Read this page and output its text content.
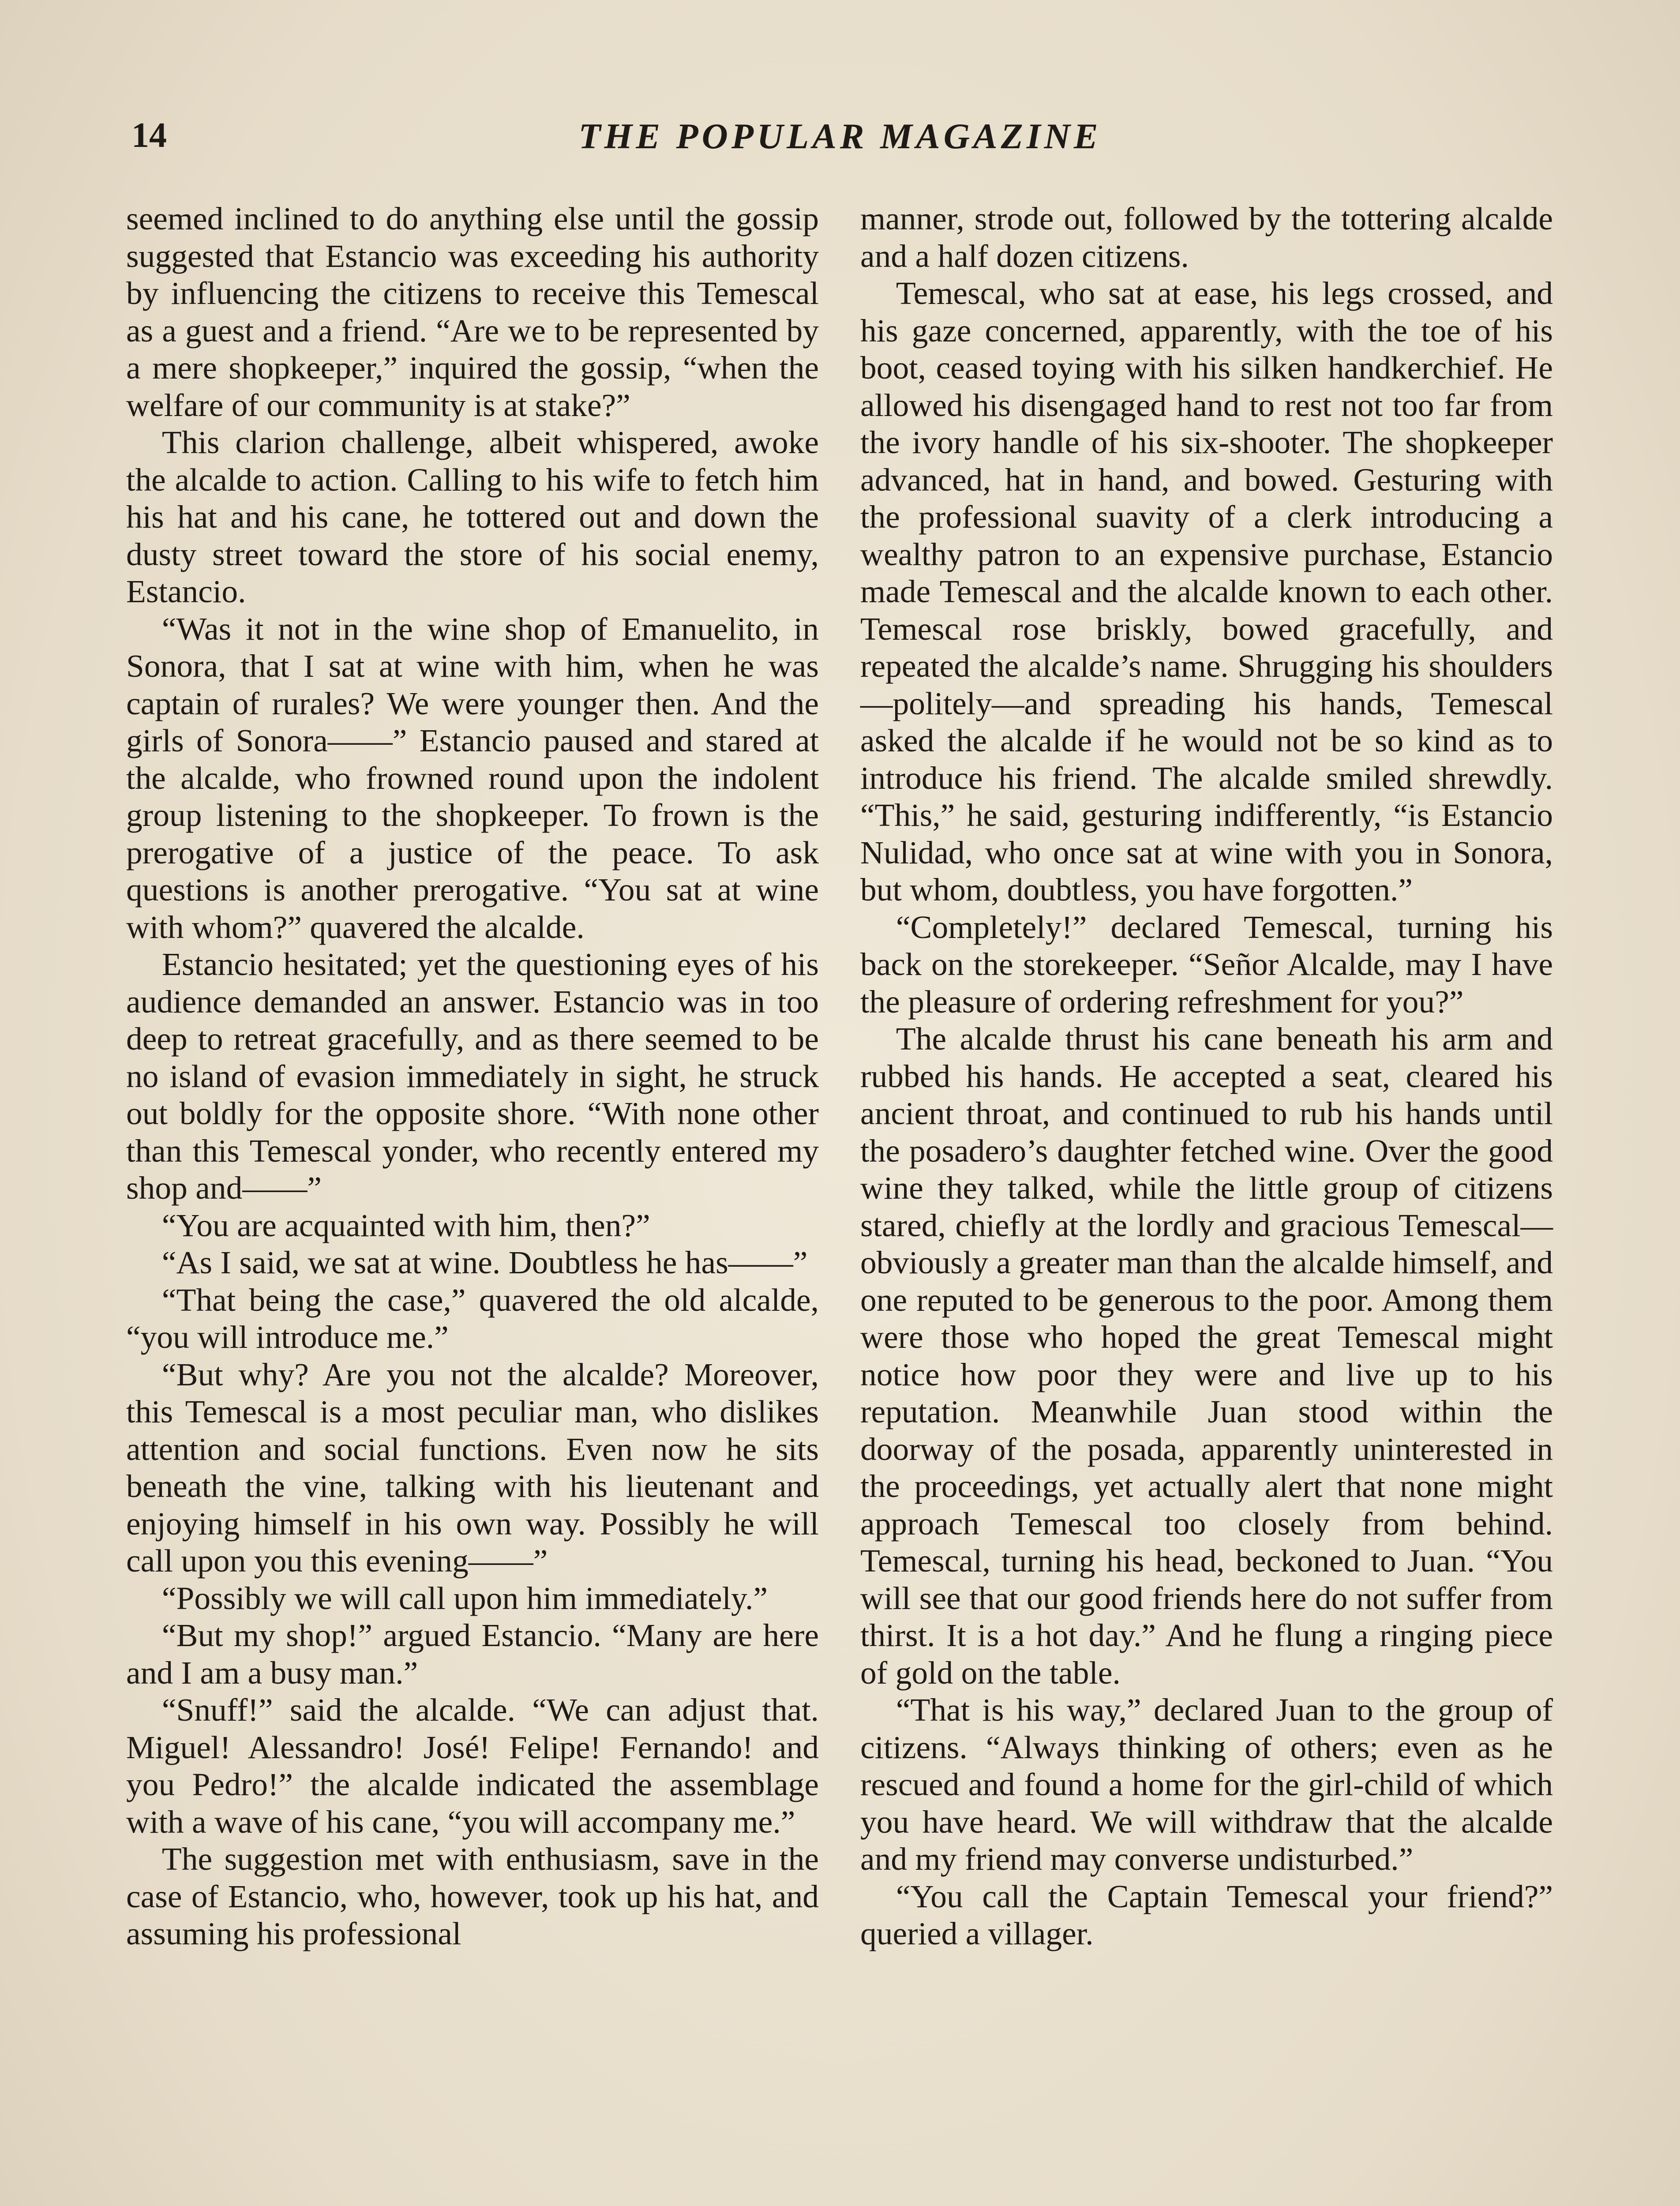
14	THE POPULAR MAGAZINE

seemed inclined to do anything else until the gossip suggested that Estancio was exceeding his authority by influencing the citizens to receive this Temescal as a guest and a friend. “Are we to be represented by a mere shopkeeper,” inquired the gossip, “when the welfare of our community is at stake?”

This clarion challenge, albeit whispered, awoke the alcalde to action. Calling to his wife to fetch him his hat and his cane, he tottered out and down the dusty street toward the store of his social enemy, Estancio.

“Was it not in the wine shop of Emanuelito, in Sonora, that I sat at wine with him, when he was captain of rurales? We were younger then. And the girls of Sonora——” Estancio paused and stared at the alcalde, who frowned round upon the indolent group listening to the shopkeeper. To frown is the prerogative of a justice of the peace. To ask questions is another prerogative. “You sat at wine with whom?” quavered the alcalde.

Estancio hesitated; yet the questioning eyes of his audience demanded an answer. Estancio was in too deep to retreat gracefully, and as there seemed to be no island of evasion immediately in sight, he struck out boldly for the opposite shore. “With none other than this Temescal yonder, who recently entered my shop and——”

“You are acquainted with him, then?”

“As I said, we sat at wine. Doubtless he has——”

“That being the case,” quavered the old alcalde, “you will introduce me.”

“But why? Are you not the alcalde? Moreover, this Temescal is a most peculiar man, who dislikes attention and social functions. Even now he sits beneath the vine, talking with his lieutenant and enjoying himself in his own way. Possibly he will call upon you this evening——”

“Possibly we will call upon him immediately.”

“But my shop!” argued Estancio. “Many are here and I am a busy man.”

“Snuff!” said the alcalde. “We can adjust that. Miguel! Alessandro! José! Felipe! Fernando! and you Pedro!” the alcalde indicated the assemblage with a wave of his cane, “you will accompany me.”

The suggestion met with enthusiasm, save in the case of Estancio, who, however, took up his hat, and assuming his professional

manner, strode out, followed by the tottering alcalde and a half dozen citizens.

Temescal, who sat at ease, his legs crossed, and his gaze concerned, apparently, with the toe of his boot, ceased toying with his silken handkerchief. He allowed his disengaged hand to rest not too far from the ivory handle of his six-shooter. The shopkeeper advanced, hat in hand, and bowed. Gesturing with the professional suavity of a clerk introducing a wealthy patron to an expensive purchase, Estancio made Temescal and the alcalde known to each other. Temescal rose briskly, bowed gracefully, and repeated the alcalde’s name. Shrugging his shoulders—politely—and spreading his hands, Temescal asked the alcalde if he would not be so kind as to introduce his friend. The alcalde smiled shrewdly. “This,” he said, gesturing indifferently, “is Estancio Nulidad, who once sat at wine with you in Sonora, but whom, doubtless, you have forgotten.”

“Completely!” declared Temescal, turning his back on the storekeeper. “Señor Alcalde, may I have the pleasure of ordering refreshment for you?”

The alcalde thrust his cane beneath his arm and rubbed his hands. He accepted a seat, cleared his ancient throat, and continued to rub his hands until the posadero’s daughter fetched wine. Over the good wine they talked, while the little group of citizens stared, chiefly at the lordly and gracious Temescal—obviously a greater man than the alcalde himself, and one reputed to be generous to the poor. Among them were those who hoped the great Temescal might notice how poor they were and live up to his reputation. Meanwhile Juan stood within the doorway of the posada, apparently uninterested in the proceedings, yet actually alert that none might approach Temescal too closely from behind. Temescal, turning his head, beckoned to Juan. “You will see that our good friends here do not suffer from thirst. It is a hot day.” And he flung a ringing piece of gold on the table.

“That is his way,” declared Juan to the group of citizens. “Always thinking of others; even as he rescued and found a home for the girl-child of which you have heard. We will withdraw that the alcalde and my friend may converse undisturbed.”

“You call the Captain Temescal your friend?” queried a villager.
